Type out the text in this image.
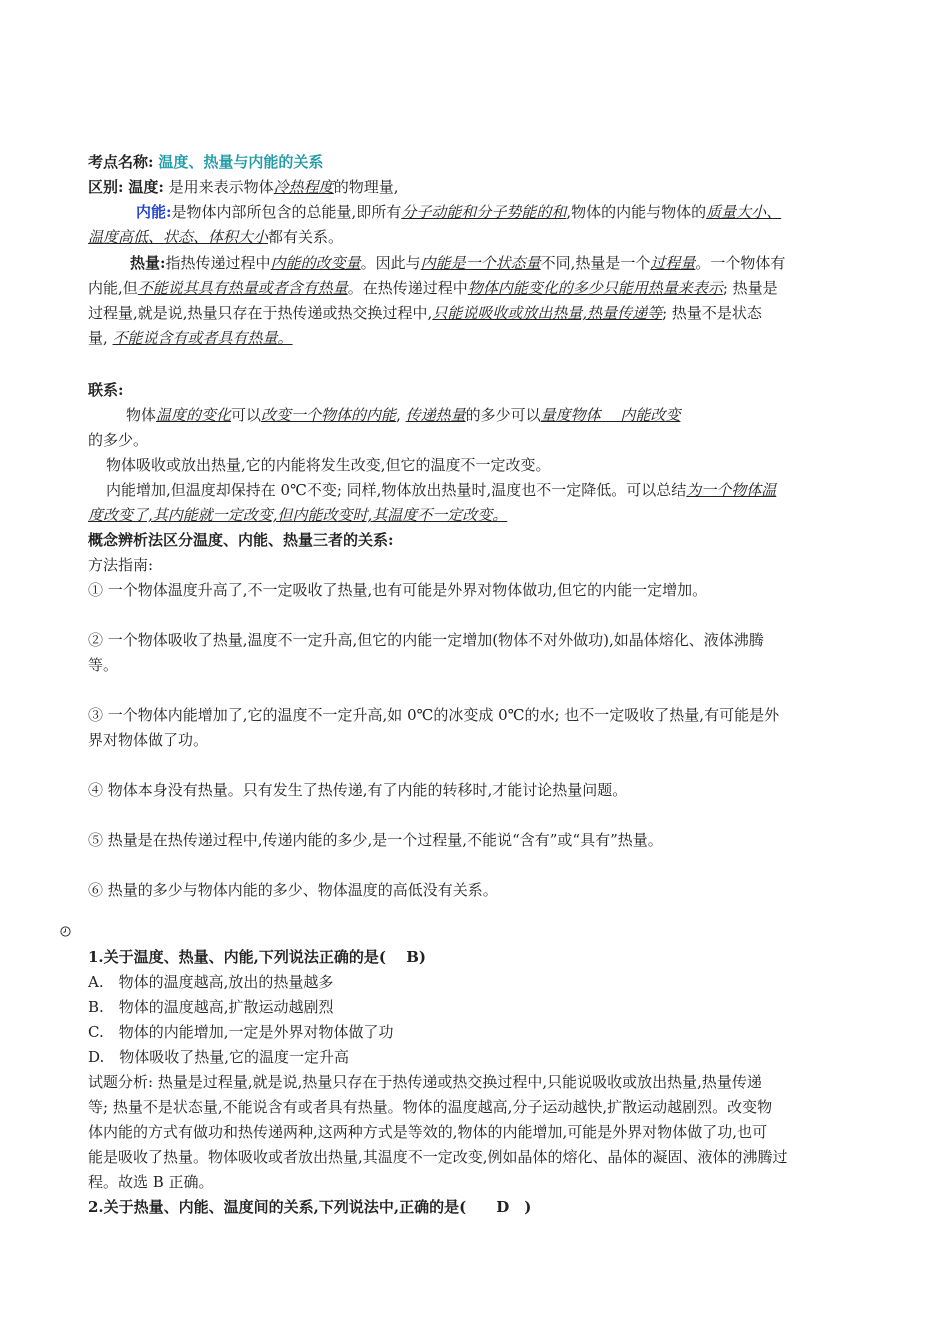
考点名称: 温度、热量与内能的关系
区别: 温度: 是用来表示物体冷热程度的物理量,
内能:是物体内部所包含的总能量,即所有分子动能和分子势能的和,物体的内能与物体的质量大小、
温度高低、状态、体积大小都有关系。
热量:指热传递过程中内能的改变量。因此与内能是一个状态量不同,热量是一个过程量。一个物体有
内能,但不能说其具有热量或者含有热量。在热传递过程中物体内能变化的多少只能用热量来表示; 热量是
过程量,就是说,热量只存在于热传递或热交换过程中,只能说吸收或放出热量,热量传递等; 热量不是状态
量, 不能说含有或者具有热量。
联系:
物体温度的变化可以改变一个物体的内能, 传递热量的多少可以量度物体　 内能改变
的多少。
物体吸收或放出热量,它的内能将发生改变,但它的温度不一定改变。
内能增加,但温度却保持在 0℃不变; 同样,物体放出热量时,温度也不一定降低。可以总结为一个物体温
度改变了,其内能就一定改变,但内能改变时,其温度不一定改变。
概念辨析法区分温度、内能、热量三者的关系:
方法指南:
① 一个物体温度升高了,不一定吸收了热量,也有可能是外界对物体做功,但它的内能一定增加。
② 一个物体吸收了热量,温度不一定升高,但它的内能一定增加(物体不对外做功),如晶体熔化、液体沸腾
等。
③ 一个物体内能增加了,它的温度不一定升高,如 0℃的冰变成 0℃的水; 也不一定吸收了热量,有可能是外
界对物体做了功。
④ 物体本身没有热量。只有发生了热传递,有了内能的转移时,才能讨论热量问题。
⑤ 热量是在热传递过程中,传递内能的多少,是一个过程量,不能说“含有”或“具有”热量。
⑥ 热量的多少与物体内能的多少、物体温度的高低没有关系。
1.关于温度、热量、内能,下列说法正确的是( 　B)
A.　物体的温度越高,放出的热量越多
B.　物体的温度越高,扩散运动越剧烈
C.　物体的内能增加,一定是外界对物体做了功
D.　物体吸收了热量,它的温度一定升高
试题分析: 热量是过程量,就是说,热量只存在于热传递或热交换过程中,只能说吸收或放出热量,热量传递
等; 热量不是状态量,不能说含有或者具有热量。物体的温度越高,分子运动越快,扩散运动越剧烈。改变物
体内能的方式有做功和热传递两种,这两种方式是等效的,物体的内能增加,可能是外界对物体做了功,也可
能是吸收了热量。物体吸收或者放出热量,其温度不一定改变,例如晶体的熔化、晶体的凝固、液体的沸腾过
程。故选 B 正确。
2.关于热量、内能、温度间的关系,下列说法中,正确的是(　　D　)
